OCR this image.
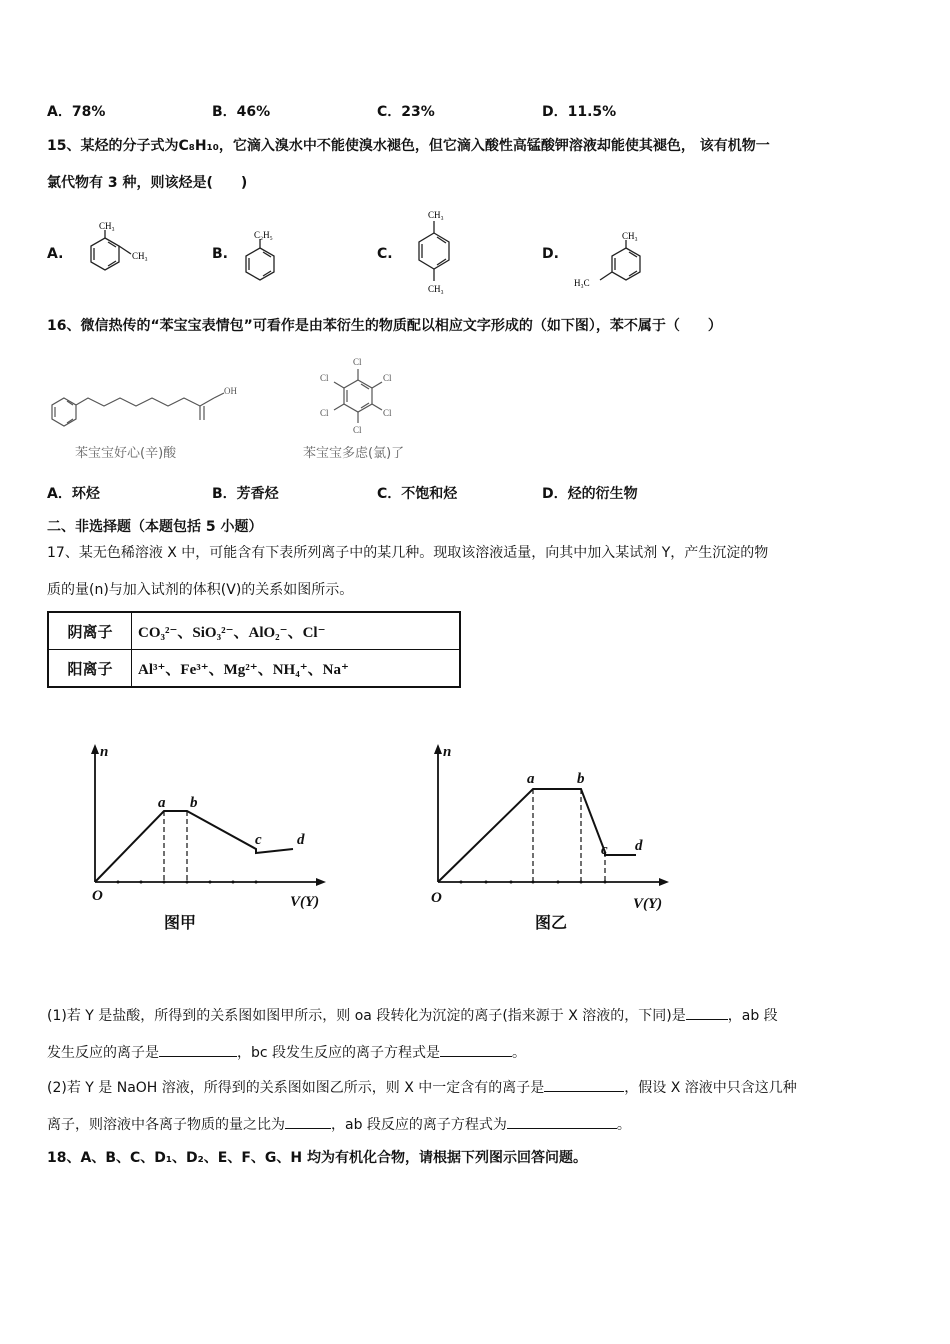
A．78%	B．46%	C．23%	D．11.5%
15、某烃的分子式为C₈H₁₀，它滴入溴水中不能使溴水褪色，但它滴入酸性高锰酸钾溶液却能使其褪色， 该有机物一
氯代物有 3 种，则该烃是(　　)
A.	B.	C.	D.
CH₃
CH₃
C₂H₅
CH₃
CH₃
CH₃
H₃C
16、微信热传的“苯宝宝表情包”可看作是由苯衍生的物质配以相应文字形成的（如下图），苯不属于（　　）
OH
苯宝宝好心(辛)酸
Cl
Cl
Cl
Cl
Cl
Cl
苯宝宝多虑(氯)了
A．环烃	B．芳香烃	C．不饱和烃	D．烃的衍生物
二、非选择题（本题包括 5 小题）
17、某无色稀溶液 X 中，可能含有下表所列离子中的某几种。现取该溶液适量，向其中加入某试剂 Y，产生沉淀的物
质的量(n)与加入试剂的体积(V)的关系如图所示。
阴离子	CO₃²⁻、SiO₃²⁻、AlO₂⁻、Cl⁻
阳离子	Al³⁺、Fe³⁺、Mg²⁺、NH₄⁺、Na⁺
n
O	V(Y)
a b
c d
图甲
n
O	V(Y)
a	b
c d
图乙
(1)若 Y 是盐酸，所得到的关系图如图甲所示，则 oa 段转化为沉淀的离子(指来源于 X 溶液的，下同)是	，ab 段
发生反应的离子是	，bc 段发生反应的离子方程式是	。
(2)若 Y 是 NaOH 溶液，所得到的关系图如图乙所示，则 X 中一定含有的离子是	，假设 X 溶液中只含这几种
离子，则溶液中各离子物质的量之比为	，ab 段反应的离子方程式为	。
18、A、B、C、D₁、D₂、E、F、G、H 均为有机化合物，请根据下列图示回答问题。
